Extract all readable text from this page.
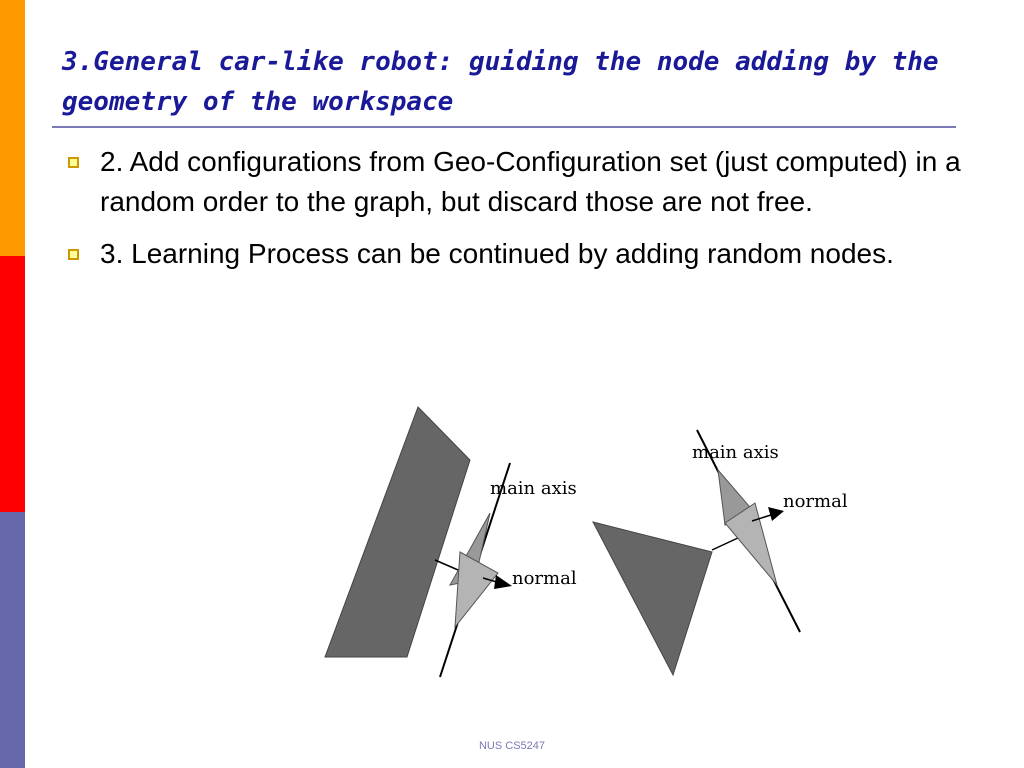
3.General car-like robot: guiding the node adding by the geometry of the workspace
2. Add configurations from Geo-Configuration set (just computed) in a random order to the graph, but discard those are not free.
3. Learning Process can be continued by adding random nodes.
main axis
normal
main axis
normal
NUS CS5247
